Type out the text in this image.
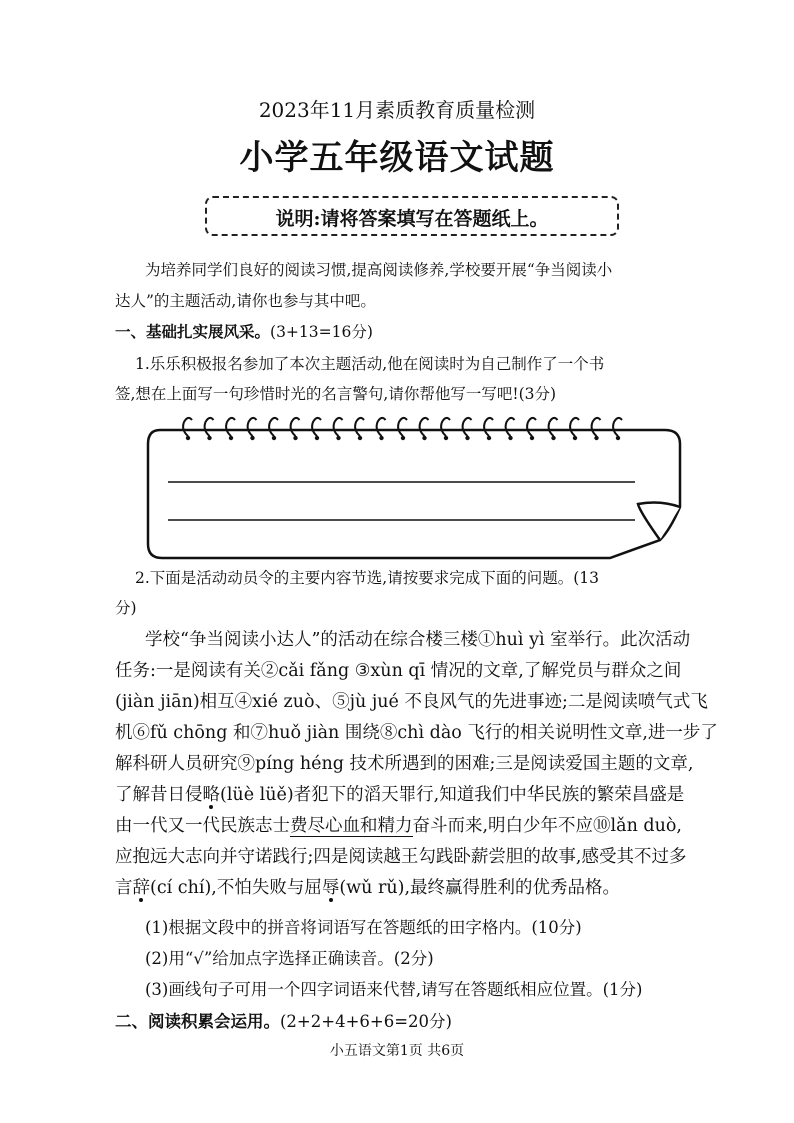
2023年11月素质教育质量检测
小学五年级语文试题
说明:请将答案填写在答题纸上。
为培养同学们良好的阅读习惯,提高阅读修养,学校要开展“争当阅读小
达人”的主题活动,请你也参与其中吧。
一、基础扎实展风采。(3+13=16分)
1.乐乐积极报名参加了本次主题活动,他在阅读时为自己制作了一个书
签,想在上面写一句珍惜时光的名言警句,请你帮他写一写吧!(3分)
2.下面是活动动员令的主要内容节选,请按要求完成下面的问题。(13
分)
学校“争当阅读小达人”的活动在综合楼三楼①huì yì 室举行。此次活动
任务:一是阅读有关②cǎi fǎng ③xùn qī 情况的文章,了解党员与群众之间
(jiàn jiān)相互④xié zuò、⑤jù jué 不良风气的先进事迹;二是阅读喷气式飞
机⑥fǔ chōng 和⑦huǒ jiàn 围绕⑧chì dào 飞行的相关说明性文章,进一步了
解科研人员研究⑨píng héng 技术所遇到的困难;三是阅读爱国主题的文章,
了解昔日侵略(lüè lüě)者犯下的滔天罪行,知道我们中华民族的繁荣昌盛是
由一代又一代民族志士费尽心血和精力奋斗而来,明白少年不应⑩lǎn duò,
应抱远大志向并守诺践行;四是阅读越王勾践卧薪尝胆的故事,感受其不过多
言辞(cí chí),不怕失败与屈辱(wǔ rǔ),最终赢得胜利的优秀品格。
(1)根据文段中的拼音将词语写在答题纸的田字格内。(10分)
(2)用“√”给加点字选择正确读音。(2分)
(3)画线句子可用一个四字词语来代替,请写在答题纸相应位置。(1分)
二、阅读积累会运用。(2+2+4+6+6=20分)
小五语文第1页 共6页
